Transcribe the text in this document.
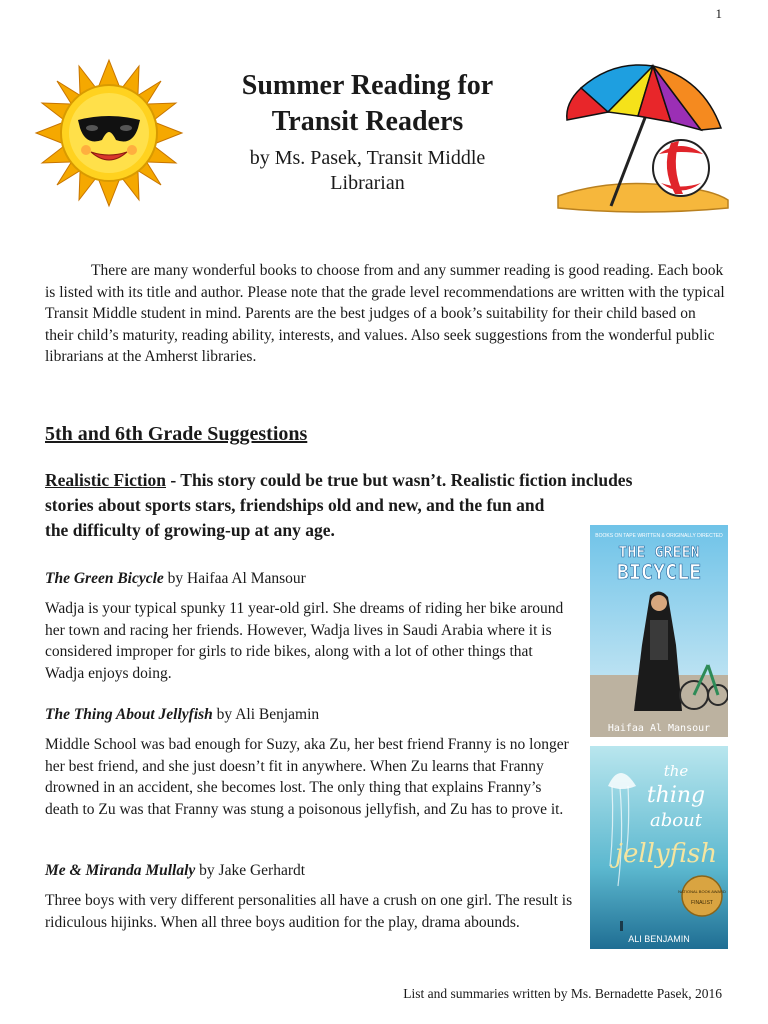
1
Summer Reading for
Transit Readers
by Ms. Pasek, Transit Middle
Librarian

There are many wonderful books to choose from and any summer reading is good reading. Each book is listed with its title and author. Please note that the grade level recommendations are written with the typical Transit Middle student in mind. Parents are the best judges of a book’s suitability for their child based on their child’s maturity, reading ability, interests, and values. Also seek suggestions from the wonderful public librarians at the Amherst libraries.

5th and 6th Grade Suggestions

Realistic Fiction - This story could be true but wasn’t. Realistic fiction includes
stories about sports stars, friendships old and new, and the fun and
the difficulty of growing-up at any age.

The Green Bicycle by Haifaa Al Mansour

Wadja is your typical spunky 11 year-old girl. She dreams of riding her bike around her town and racing her friends. However, Wadja lives in Saudi Arabia where it is considered improper for girls to ride bikes, along with a lot of other things that Wadja enjoys doing.

The Thing About Jellyfish by Ali Benjamin

Middle School was bad enough for Suzy, aka Zu, her best friend Franny is no longer her best friend, and she just doesn’t fit in anywhere. When Zu learns that Franny drowned in an accident, she becomes lost. The only thing that explains Franny’s death to Zu was that Franny was stung a poisonous jellyfish, and Zu has to prove it.

Me & Miranda Mullaly by Jake Gerhardt

Three boys with very different personalities all have a crush on one girl. The result is ridiculous hijinks. When all three boys audition for the play, drama abounds.

BOOKS ON TAPE WRITTEN & ORIGINALLY DIRECTED
THE GREEN
BICYCLE
Haifaa Al Mansour
the
thing
about
jellyfish
NATIONAL BOOK AWARD
FINALIST
ALI BENJAMIN
List and summaries written by Ms. Bernadette Pasek, 2016
